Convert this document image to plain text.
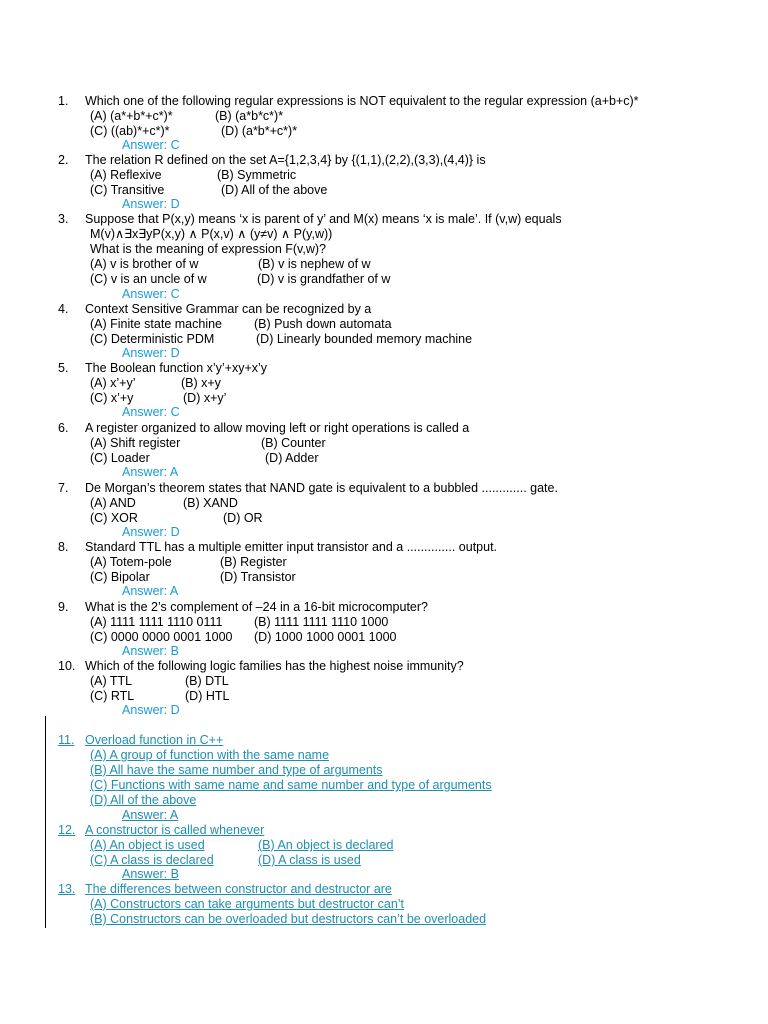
1. Which one of the following regular expressions is NOT equivalent to the regular expression (a+b+c)*
(A) (a*+b*+c*)*	(B) (a*b*c*)*
(C) ((ab)*+c*)*	(D) (a*b*+c*)*
Answer: C
2. The relation R defined on the set A={1,2,3,4} by {(1,1),(2,2),(3,3),(4,4)} is
(A) Reflexive	(B) Symmetric
(C) Transitive	(D) All of the above
Answer: D
3. Suppose that P(x,y) means ‘x is parent of y’ and M(x) means ‘x is male’. If (v,w) equals
M(v)∧∃x∃yP(x,y) ∧ P(x,v) ∧ (y≠v) ∧ P(y,w))
What is the meaning of expression F(v,w)?
(A) v is brother of w	(B) v is nephew of w
(C) v is an uncle of w	(D) v is grandfather of w
Answer: C
4. Context Sensitive Grammar can be recognized by a
(A) Finite state machine	(B) Push down automata
(C) Deterministic PDM	(D) Linearly bounded memory machine
Answer: D
5. The Boolean function x’y’+xy+x’y
(A) x’+y’	(B) x+y
(C) x’+y	(D) x+y’
Answer: C
6. A register organized to allow moving left or right operations is called a
(A) Shift register	(B) Counter
(C) Loader	(D) Adder
Answer: A
7. De Morgan’s theorem states that NAND gate is equivalent to a bubbled ............. gate.
(A) AND	(B) XAND
(C) XOR	(D) OR
Answer: D
8. Standard TTL has a multiple emitter input transistor and a .............. output.
(A) Totem-pole	(B) Register
(C) Bipolar	(D) Transistor
Answer: A
9. What is the 2’s complement of –24 in a 16-bit microcomputer?
(A) 1111 1111 1110 0111	(B) 1111 1111 1110 1000
(C) 0000 0000 0001 1000 (D) 1000 1000 0001 1000
Answer: B
10. Which of the following logic families has the highest noise immunity?
(A) TTL	(B) DTL
(C) RTL	(D) HTL
Answer: D
11. Overload function in C++
(A) A group of function with the same name
(B) All have the same number and type of arguments
(C) Functions with same name and same number and type of arguments
(D) All of the above
Answer: A
12. A constructor is called whenever
(A) An object is used	(B) An object is declared
(C) A class is declared	(D) A class is used
Answer: B
13. The differences between constructor and destructor are
(A) Constructors can take arguments but destructor can’t
(B) Constructors can be overloaded but destructors can’t be overloaded
